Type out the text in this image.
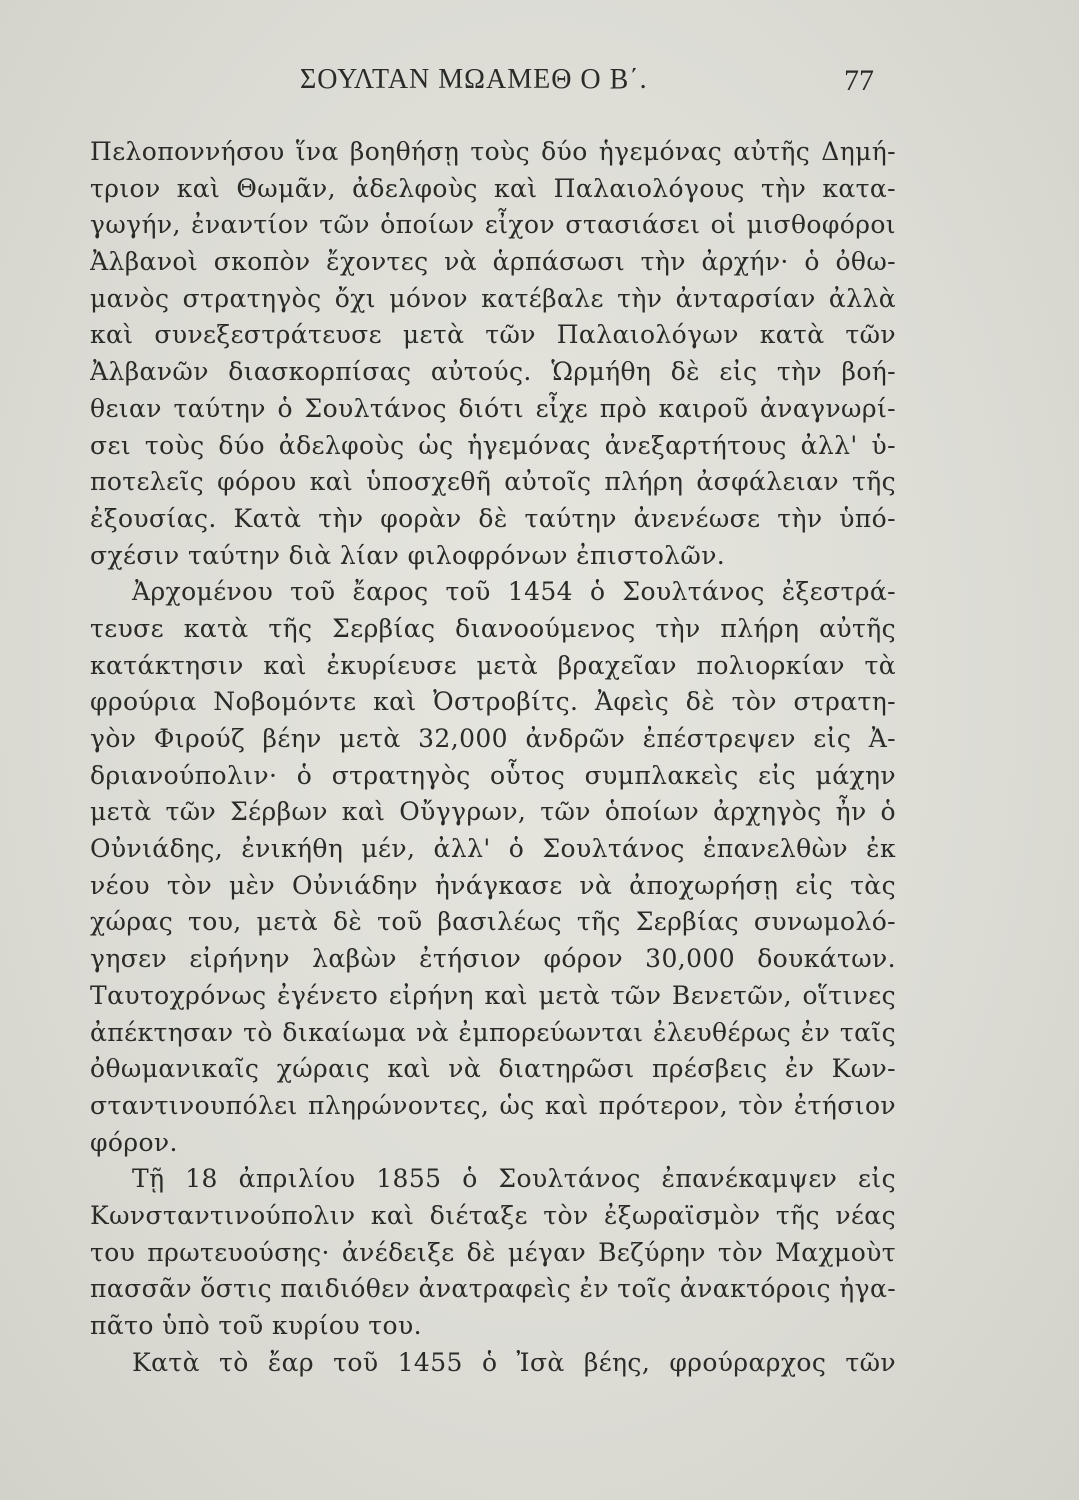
ΣΟΥΛΤΑΝ ΜΩΑΜΕΘ Ο Β΄.	77
Πελοποννήσου ἵνα βοηθήσῃ τοὺς δύο ἡγεμόνας αὐτῆς Δημή-
τριον καὶ Θωμᾶν, ἀδελφοὺς καὶ Παλαιολόγους τὴν κατα-
γωγήν, ἐναντίον τῶν ὁποίων εἶχον στασιάσει οἱ μισθοφόροι
Ἀλβανοὶ σκοπὸν ἔχοντες νὰ ἁρπάσωσι τὴν ἀρχήν· ὁ ὀθω-
μανὸς στρατηγὸς ὄχι μόνον κατέβαλε τὴν ἀνταρσίαν ἀλλὰ
καὶ συνεξεστράτευσε μετὰ τῶν Παλαιολόγων κατὰ τῶν
Ἀλβανῶν διασκορπίσας αὐτούς. Ὡρμήθη δὲ εἰς τὴν βοή-
θειαν ταύτην ὁ Σουλτάνος διότι εἶχε πρὸ καιροῦ ἀναγνωρί-
σει τοὺς δύο ἀδελφοὺς ὡς ἡγεμόνας ἀνεξαρτήτους ἀλλ' ὑ-
ποτελεῖς φόρου καὶ ὑποσχεθῆ αὐτοῖς πλήρη ἀσφάλειαν τῆς
ἐξουσίας. Κατὰ τὴν φορὰν δὲ ταύτην ἀνενέωσε τὴν ὑπό-
σχέσιν ταύτην διὰ λίαν φιλοφρόνων ἐπιστολῶν.
Ἀρχομένου τοῦ ἔαρος τοῦ 1454 ὁ Σουλτάνος ἐξεστρά-
τευσε κατὰ τῆς Σερβίας διανοούμενος τὴν πλήρη αὐτῆς
κατάκτησιν καὶ ἐκυρίευσε μετὰ βραχεῖαν πολιορκίαν τὰ
φρούρια Νοβομόντε καὶ Ὀστροβίτς. Ἀφεὶς δὲ τὸν στρατη-
γὸν Φιρούζ βέην μετὰ 32,000 ἀνδρῶν ἐπέστρεψεν εἰς Ἀ-
δριανούπολιν· ὁ στρατηγὸς οὗτος συμπλακεὶς εἰς μάχην
μετὰ τῶν Σέρβων καὶ Οὔγγρων, τῶν ὁποίων ἀρχηγὸς ἦν ὁ
Οὐνιάδης, ἐνικήθη μέν, ἀλλ' ὁ Σουλτάνος ἐπανελθὼν ἐκ
νέου τὸν μὲν Οὐνιάδην ἠνάγκασε νὰ ἀποχωρήσῃ εἰς τὰς
χώρας του, μετὰ δὲ τοῦ βασιλέως τῆς Σερβίας συνωμολό-
γησεν εἰρήνην λαβὼν ἐτήσιον φόρον 30,000 δουκάτων.
Ταυτοχρόνως ἐγένετο εἰρήνη καὶ μετὰ τῶν Βενετῶν, οἵτινες
ἀπέκτησαν τὸ δικαίωμα νὰ ἐμπορεύωνται ἐλευθέρως ἐν ταῖς
ὀθωμανικαῖς χώραις καὶ νὰ διατηρῶσι πρέσβεις ἐν Κων-
σταντινουπόλει πληρώνοντες, ὡς καὶ πρότερον, τὸν ἐτήσιον
φόρον.
Τῇ 18 ἀπριλίου 1855 ὁ Σουλτάνος ἐπανέκαμψεν εἰς
Κωνσταντινούπολιν καὶ διέταξε τὸν ἐξωραϊσμὸν τῆς νέας
του πρωτευούσης· ἀνέδειξε δὲ μέγαν Βεζύρην τὸν Μαχμοὺτ
πασσᾶν ὅστις παιδιόθεν ἀνατραφεὶς ἐν τοῖς ἀνακτόροις ἠγα-
πᾶτο ὑπὸ τοῦ κυρίου του.
Κατὰ τὸ ἔαρ τοῦ 1455 ὁ Ἰσὰ βέης, φρούραρχος τῶν
